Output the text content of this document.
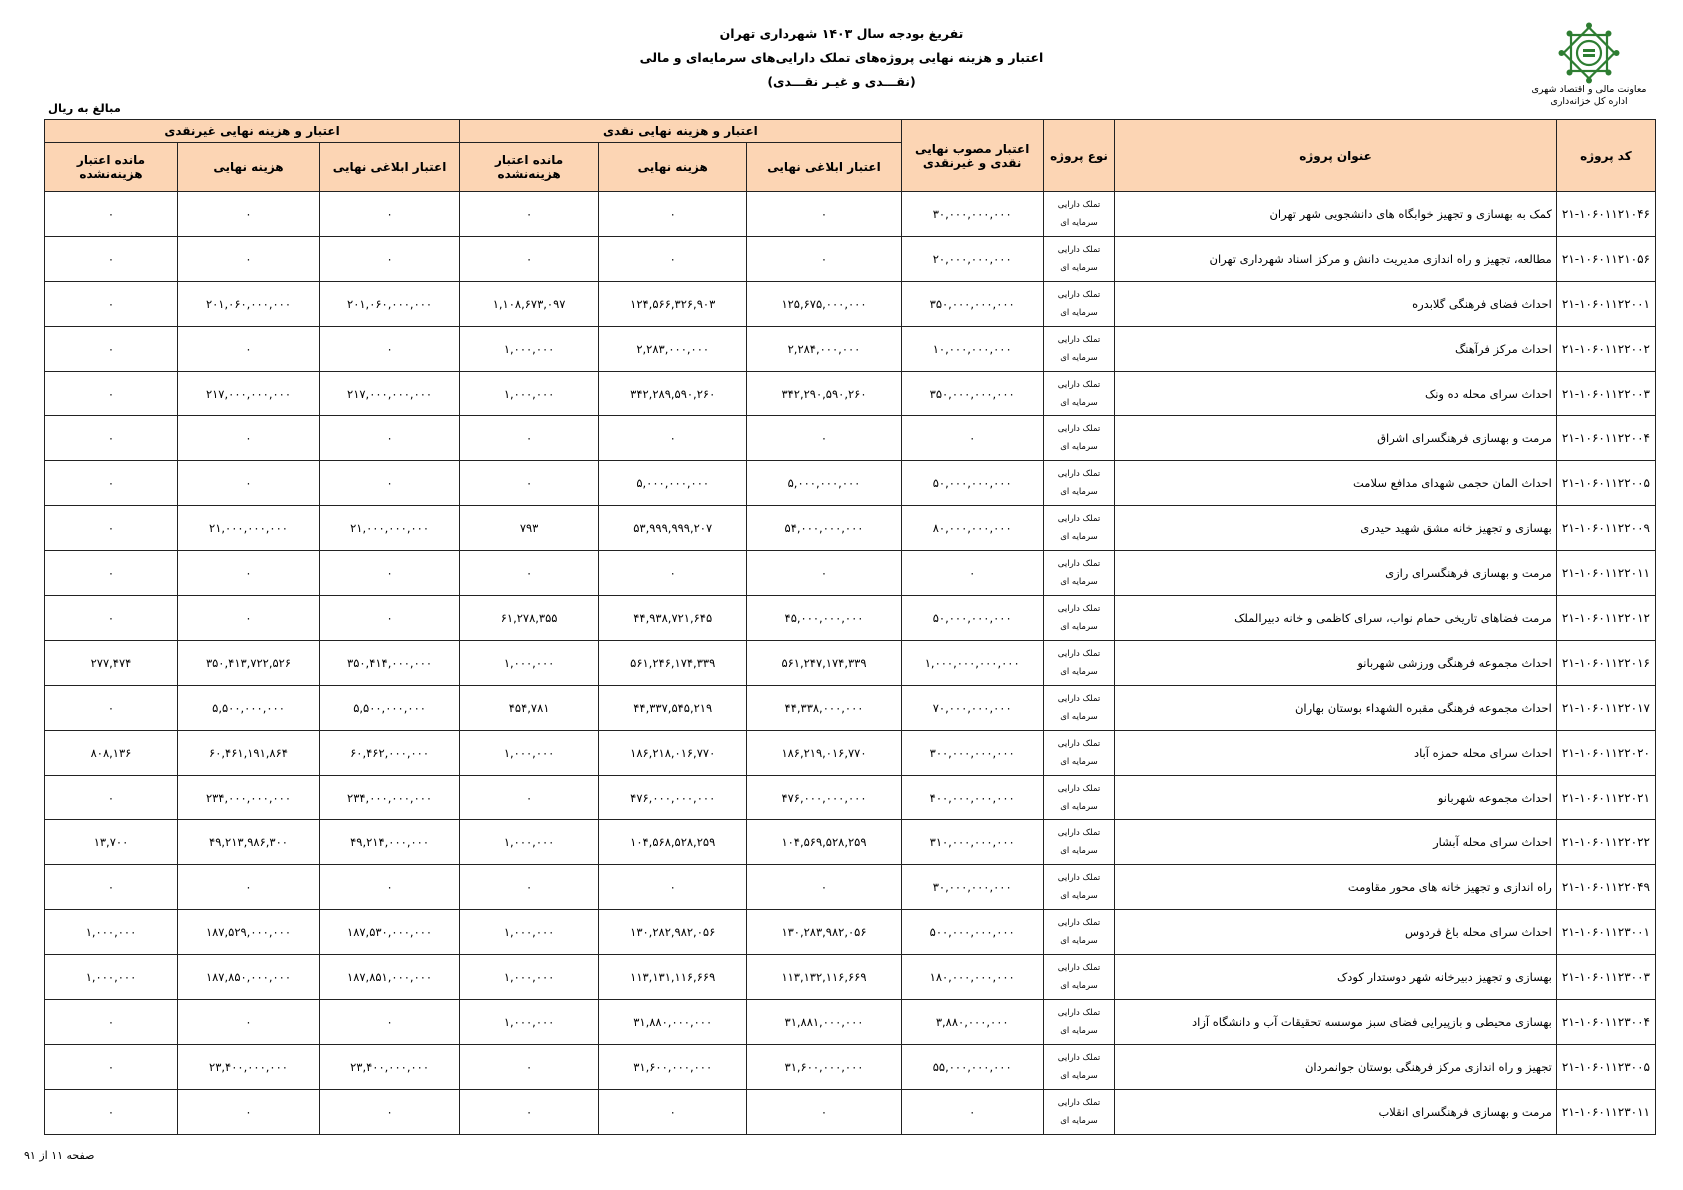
تفریغ بودجه سال ۱۴۰۳ شهرداری تهران
اعتبار و هزینه نهایی پروژه‌های تملک دارایی‌های سرمایه‌ای و مالی
(نقـــدی و غیـر نقـــدی)
معاونت مالی و اقتصاد شهری
اداره کل خزانه‌داری
مبالغ به ریال
کد پروژه	عنوان پروژه	نوع پروژه	اعتبار مصوب نهایی نقدی و غیرنقدی	اعتبار و هزینه نهایی نقدی			اعتبار و هزینه نهایی غیرنقدی		
				اعتبار ابلاغی نهایی	هزینه نهایی	مانده اعتبار هزینه‌نشده	اعتبار ابلاغی نهایی	هزینه نهایی	مانده اعتبار هزینه‌نشده
۲۱-۱۰۶۰۱۱۲۱۰۴۶	کمک به بهسازی و تجهیز خوابگاه های دانشجویی شهر تهران	تملک دارایی
سرمایه ای	۳۰,۰۰۰,۰۰۰,۰۰۰	۰	۰	۰	۰	۰	۰
۲۱-۱۰۶۰۱۱۲۱۰۵۶	مطالعه، تجهیز و راه اندازی مدیریت دانش و مرکز اسناد شهرداری تهران	تملک دارایی
سرمایه ای	۲۰,۰۰۰,۰۰۰,۰۰۰	۰	۰	۰	۰	۰	۰
۲۱-۱۰۶۰۱۱۲۲۰۰۱	احداث فضای فرهنگی گلابدره	تملک دارایی
سرمایه ای	۳۵۰,۰۰۰,۰۰۰,۰۰۰	۱۲۵,۶۷۵,۰۰۰,۰۰۰	۱۲۴,۵۶۶,۳۲۶,۹۰۳	۱,۱۰۸,۶۷۳,۰۹۷	۲۰۱,۰۶۰,۰۰۰,۰۰۰	۲۰۱,۰۶۰,۰۰۰,۰۰۰	۰
۲۱-۱۰۶۰۱۱۲۲۰۰۲	احداث مرکز فرآهنگ	تملک دارایی
سرمایه ای	۱۰,۰۰۰,۰۰۰,۰۰۰	۲,۲۸۴,۰۰۰,۰۰۰	۲,۲۸۳,۰۰۰,۰۰۰	۱,۰۰۰,۰۰۰	۰	۰	۰
۲۱-۱۰۶۰۱۱۲۲۰۰۳	احداث سرای محله ده ونک	تملک دارایی
سرمایه ای	۳۵۰,۰۰۰,۰۰۰,۰۰۰	۳۴۲,۲۹۰,۵۹۰,۲۶۰	۳۴۲,۲۸۹,۵۹۰,۲۶۰	۱,۰۰۰,۰۰۰	۲۱۷,۰۰۰,۰۰۰,۰۰۰	۲۱۷,۰۰۰,۰۰۰,۰۰۰	۰
۲۱-۱۰۶۰۱۱۲۲۰۰۴	مرمت و بهسازی فرهنگسرای اشراق	تملک دارایی
سرمایه ای	۰	۰	۰	۰	۰	۰	۰
۲۱-۱۰۶۰۱۱۲۲۰۰۵	احداث المان حجمی شهدای مدافع سلامت	تملک دارایی
سرمایه ای	۵۰,۰۰۰,۰۰۰,۰۰۰	۵,۰۰۰,۰۰۰,۰۰۰	۵,۰۰۰,۰۰۰,۰۰۰	۰	۰	۰	۰
۲۱-۱۰۶۰۱۱۲۲۰۰۹	بهسازی و تجهیز خانه مشق شهید حیدری	تملک دارایی
سرمایه ای	۸۰,۰۰۰,۰۰۰,۰۰۰	۵۴,۰۰۰,۰۰۰,۰۰۰	۵۳,۹۹۹,۹۹۹,۲۰۷	۷۹۳	۲۱,۰۰۰,۰۰۰,۰۰۰	۲۱,۰۰۰,۰۰۰,۰۰۰	۰
۲۱-۱۰۶۰۱۱۲۲۰۱۱	مرمت و بهسازی فرهنگسرای رازی	تملک دارایی
سرمایه ای	۰	۰	۰	۰	۰	۰	۰
۲۱-۱۰۶۰۱۱۲۲۰۱۲	مرمت فضاهای تاریخی حمام نواب، سرای کاظمی و خانه دبیرالملک	تملک دارایی
سرمایه ای	۵۰,۰۰۰,۰۰۰,۰۰۰	۴۵,۰۰۰,۰۰۰,۰۰۰	۴۴,۹۳۸,۷۲۱,۶۴۵	۶۱,۲۷۸,۳۵۵	۰	۰	۰
۲۱-۱۰۶۰۱۱۲۲۰۱۶	احداث مجموعه فرهنگی ورزشی شهربانو	تملک دارایی
سرمایه ای	۱,۰۰۰,۰۰۰,۰۰۰,۰۰۰	۵۶۱,۲۴۷,۱۷۴,۳۳۹	۵۶۱,۲۴۶,۱۷۴,۳۳۹	۱,۰۰۰,۰۰۰	۳۵۰,۴۱۴,۰۰۰,۰۰۰	۳۵۰,۴۱۳,۷۲۲,۵۲۶	۲۷۷,۴۷۴
۲۱-۱۰۶۰۱۱۲۲۰۱۷	احداث مجموعه فرهنگی مقبره الشهداء بوستان بهاران	تملک دارایی
سرمایه ای	۷۰,۰۰۰,۰۰۰,۰۰۰	۴۴,۳۳۸,۰۰۰,۰۰۰	۴۴,۳۳۷,۵۴۵,۲۱۹	۴۵۴,۷۸۱	۵,۵۰۰,۰۰۰,۰۰۰	۵,۵۰۰,۰۰۰,۰۰۰	۰
۲۱-۱۰۶۰۱۱۲۲۰۲۰	احداث سرای محله حمزه آباد	تملک دارایی
سرمایه ای	۳۰۰,۰۰۰,۰۰۰,۰۰۰	۱۸۶,۲۱۹,۰۱۶,۷۷۰	۱۸۶,۲۱۸,۰۱۶,۷۷۰	۱,۰۰۰,۰۰۰	۶۰,۴۶۲,۰۰۰,۰۰۰	۶۰,۴۶۱,۱۹۱,۸۶۴	۸۰۸,۱۳۶
۲۱-۱۰۶۰۱۱۲۲۰۲۱	احداث مجموعه شهربانو	تملک دارایی
سرمایه ای	۴۰۰,۰۰۰,۰۰۰,۰۰۰	۴۷۶,۰۰۰,۰۰۰,۰۰۰	۴۷۶,۰۰۰,۰۰۰,۰۰۰	۰	۲۳۴,۰۰۰,۰۰۰,۰۰۰	۲۳۴,۰۰۰,۰۰۰,۰۰۰	۰
۲۱-۱۰۶۰۱۱۲۲۰۲۲	احداث سرای محله آبشار	تملک دارایی
سرمایه ای	۳۱۰,۰۰۰,۰۰۰,۰۰۰	۱۰۴,۵۶۹,۵۲۸,۲۵۹	۱۰۴,۵۶۸,۵۲۸,۲۵۹	۱,۰۰۰,۰۰۰	۴۹,۲۱۴,۰۰۰,۰۰۰	۴۹,۲۱۳,۹۸۶,۳۰۰	۱۳,۷۰۰
۲۱-۱۰۶۰۱۱۲۲۰۴۹	راه اندازی و تجهیز خانه های محور مقاومت	تملک دارایی
سرمایه ای	۳۰,۰۰۰,۰۰۰,۰۰۰	۰	۰	۰	۰	۰	۰
۲۱-۱۰۶۰۱۱۲۳۰۰۱	احداث سرای محله باغ فردوس	تملک دارایی
سرمایه ای	۵۰۰,۰۰۰,۰۰۰,۰۰۰	۱۳۰,۲۸۳,۹۸۲,۰۵۶	۱۳۰,۲۸۲,۹۸۲,۰۵۶	۱,۰۰۰,۰۰۰	۱۸۷,۵۳۰,۰۰۰,۰۰۰	۱۸۷,۵۲۹,۰۰۰,۰۰۰	۱,۰۰۰,۰۰۰
۲۱-۱۰۶۰۱۱۲۳۰۰۳	بهسازی و تجهیز دبیرخانه شهر دوستدار کودک	تملک دارایی
سرمایه ای	۱۸۰,۰۰۰,۰۰۰,۰۰۰	۱۱۳,۱۳۲,۱۱۶,۶۶۹	۱۱۳,۱۳۱,۱۱۶,۶۶۹	۱,۰۰۰,۰۰۰	۱۸۷,۸۵۱,۰۰۰,۰۰۰	۱۸۷,۸۵۰,۰۰۰,۰۰۰	۱,۰۰۰,۰۰۰
۲۱-۱۰۶۰۱۱۲۳۰۰۴	بهسازی محیطی و بازپیرایی فضای سبز موسسه تحقیقات آب و دانشگاه آزاد	تملک دارایی
سرمایه ای	۳,۸۸۰,۰۰۰,۰۰۰	۳۱,۸۸۱,۰۰۰,۰۰۰	۳۱,۸۸۰,۰۰۰,۰۰۰	۱,۰۰۰,۰۰۰	۰	۰	۰
۲۱-۱۰۶۰۱۱۲۳۰۰۵	تجهیز و راه اندازی مرکز فرهنگی بوستان جوانمردان	تملک دارایی
سرمایه ای	۵۵,۰۰۰,۰۰۰,۰۰۰	۳۱,۶۰۰,۰۰۰,۰۰۰	۳۱,۶۰۰,۰۰۰,۰۰۰	۰	۲۳,۴۰۰,۰۰۰,۰۰۰	۲۳,۴۰۰,۰۰۰,۰۰۰	۰
۲۱-۱۰۶۰۱۱۲۳۰۱۱	مرمت و بهسازی فرهنگسرای انقلاب	تملک دارایی
سرمایه ای	۰	۰	۰	۰	۰	۰	۰
صفحه ۱۱ از ۹۱
